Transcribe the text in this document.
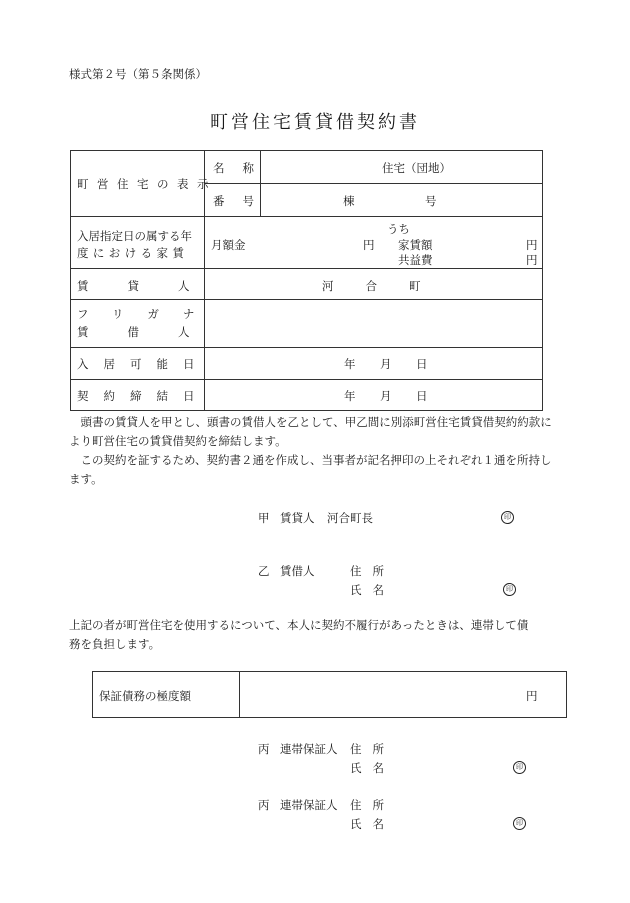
様式第２号（第５条関係）
町営住宅賃貸借契約書
町営住宅の表示
名称	住宅（団地）
番号	棟	号
入居指定日の属する年
度における家賃
月額金	円
うち
家賃額	円
共益費	円
賃貸人	河合町
フリガナ
賃借人
入居可能日	年 月 日
契約締結日	年 月 日
頭書の賃貸人を甲とし、頭書の賃借人を乙として、甲乙間に別添町営住宅賃貸借契約約款により町営住宅の賃貸借契約を締結します。
この契約を証するため、契約書２通を作成し、当事者が記名押印の上それぞれ１通を所持します。
甲 賃貸人 河合町長	印
乙 賃借人	住所
氏名	印
上記の者が町営住宅を使用するについて、本人に契約不履行があったときは、連帯して債務を負担します。
保証債務の極度額	円
丙 連帯保証人 住所
氏名	印
丙 連帯保証人 住所
氏名	印
